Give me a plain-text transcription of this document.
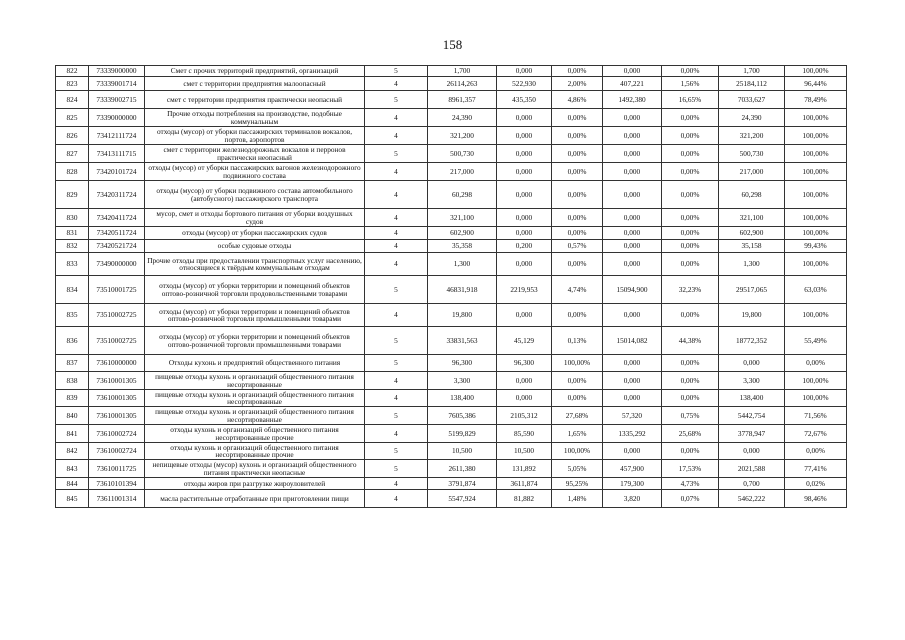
158
822	73339000000	Смет с прочих территорий предприятий, организаций	5	1,700	0,000	0,00%	0,000	0,00%	1,700	100,00%
823	73339001714	смет с территории предприятия малоопасный	4	26114,263	522,930	2,00%	407,221	1,56%	25184,112	96,44%
824	73339002715	смет с территории предприятия практически неопасный	5	8961,357	435,350	4,86%	1492,380	16,65%	7033,627	78,49%
825	73390000000	Прочие отходы потребления на производстве, подобные коммунальным	4	24,390	0,000	0,00%	0,000	0,00%	24,390	100,00%
826	73412111724	отходы (мусор) от уборки пассажирских терминалов вокзалов, портов, аэропортов	4	321,200	0,000	0,00%	0,000	0,00%	321,200	100,00%
827	73413111715	смет с территории железнодорожных вокзалов и перронов практически неопасный	5	500,730	0,000	0,00%	0,000	0,00%	500,730	100,00%
828	73420101724	отходы (мусор) от уборки пассажирских вагонов железнодорожного подвижного состава	4	217,000	0,000	0,00%	0,000	0,00%	217,000	100,00%
829	73420311724	отходы (мусор) от уборки подвижного состава автомобильного (автобусного) пассажирского транспорта	4	60,298	0,000	0,00%	0,000	0,00%	60,298	100,00%
830	73420411724	мусор, смет и отходы бортового питания от уборки воздушных судов	4	321,100	0,000	0,00%	0,000	0,00%	321,100	100,00%
831	73420511724	отходы (мусор) от уборки пассажирских судов	4	602,900	0,000	0,00%	0,000	0,00%	602,900	100,00%
832	73420521724	особые судовые отходы	4	35,358	0,200	0,57%	0,000	0,00%	35,158	99,43%
833	73490000000	Прочие отходы при предоставлении транспортных услуг населению, относящиеся к твёрдым коммунальным отходам	4	1,300	0,000	0,00%	0,000	0,00%	1,300	100,00%
834	73510001725	отходы (мусор) от уборки территории и помещений объектов оптово-розничной торговли продовольственными товарами	5	46831,918	2219,953	4,74%	15094,900	32,23%	29517,065	63,03%
835	73510002725	отходы (мусор) от уборки территории и помещений объектов оптово-розничной торговли промышленными товарами	4	19,800	0,000	0,00%	0,000	0,00%	19,800	100,00%
836	73510002725	отходы (мусор) от уборки территории и помещений объектов оптово-розничной торговли промышленными товарами	5	33831,563	45,129	0,13%	15014,082	44,38%	18772,352	55,49%
837	73610000000	Отходы кухонь и предприятий общественного питания	5	96,300	96,300	100,00%	0,000	0,00%	0,000	0,00%
838	73610001305	пищевые отходы кухонь и организаций общественного питания несортированные	4	3,300	0,000	0,00%	0,000	0,00%	3,300	100,00%
839	73610001305	пищевые отходы кухонь и организаций общественного питания несортированные	4	138,400	0,000	0,00%	0,000	0,00%	138,400	100,00%
840	73610001305	пищевые отходы кухонь и организаций общественного питания несортированные	5	7605,386	2105,312	27,68%	57,320	0,75%	5442,754	71,56%
841	73610002724	отходы кухонь и организаций общественного питания несортированные прочие	4	5199,829	85,590	1,65%	1335,292	25,68%	3778,947	72,67%
842	73610002724	отходы кухонь и организаций общественного питания несортированные прочие	5	10,500	10,500	100,00%	0,000	0,00%	0,000	0,00%
843	73610011725	непищевые отходы (мусор) кухонь и организаций общественного питания практически неопасные	5	2611,380	131,892	5,05%	457,900	17,53%	2021,588	77,41%
844	73610101394	отходы жиров при разгрузке жироуловителей	4	3791,874	3611,874	95,25%	179,300	4,73%	0,700	0,02%
845	73611001314	масла растительные отработанные при приготовлении пищи	4	5547,924	81,882	1,48%	3,820	0,07%	5462,222	98,46%
